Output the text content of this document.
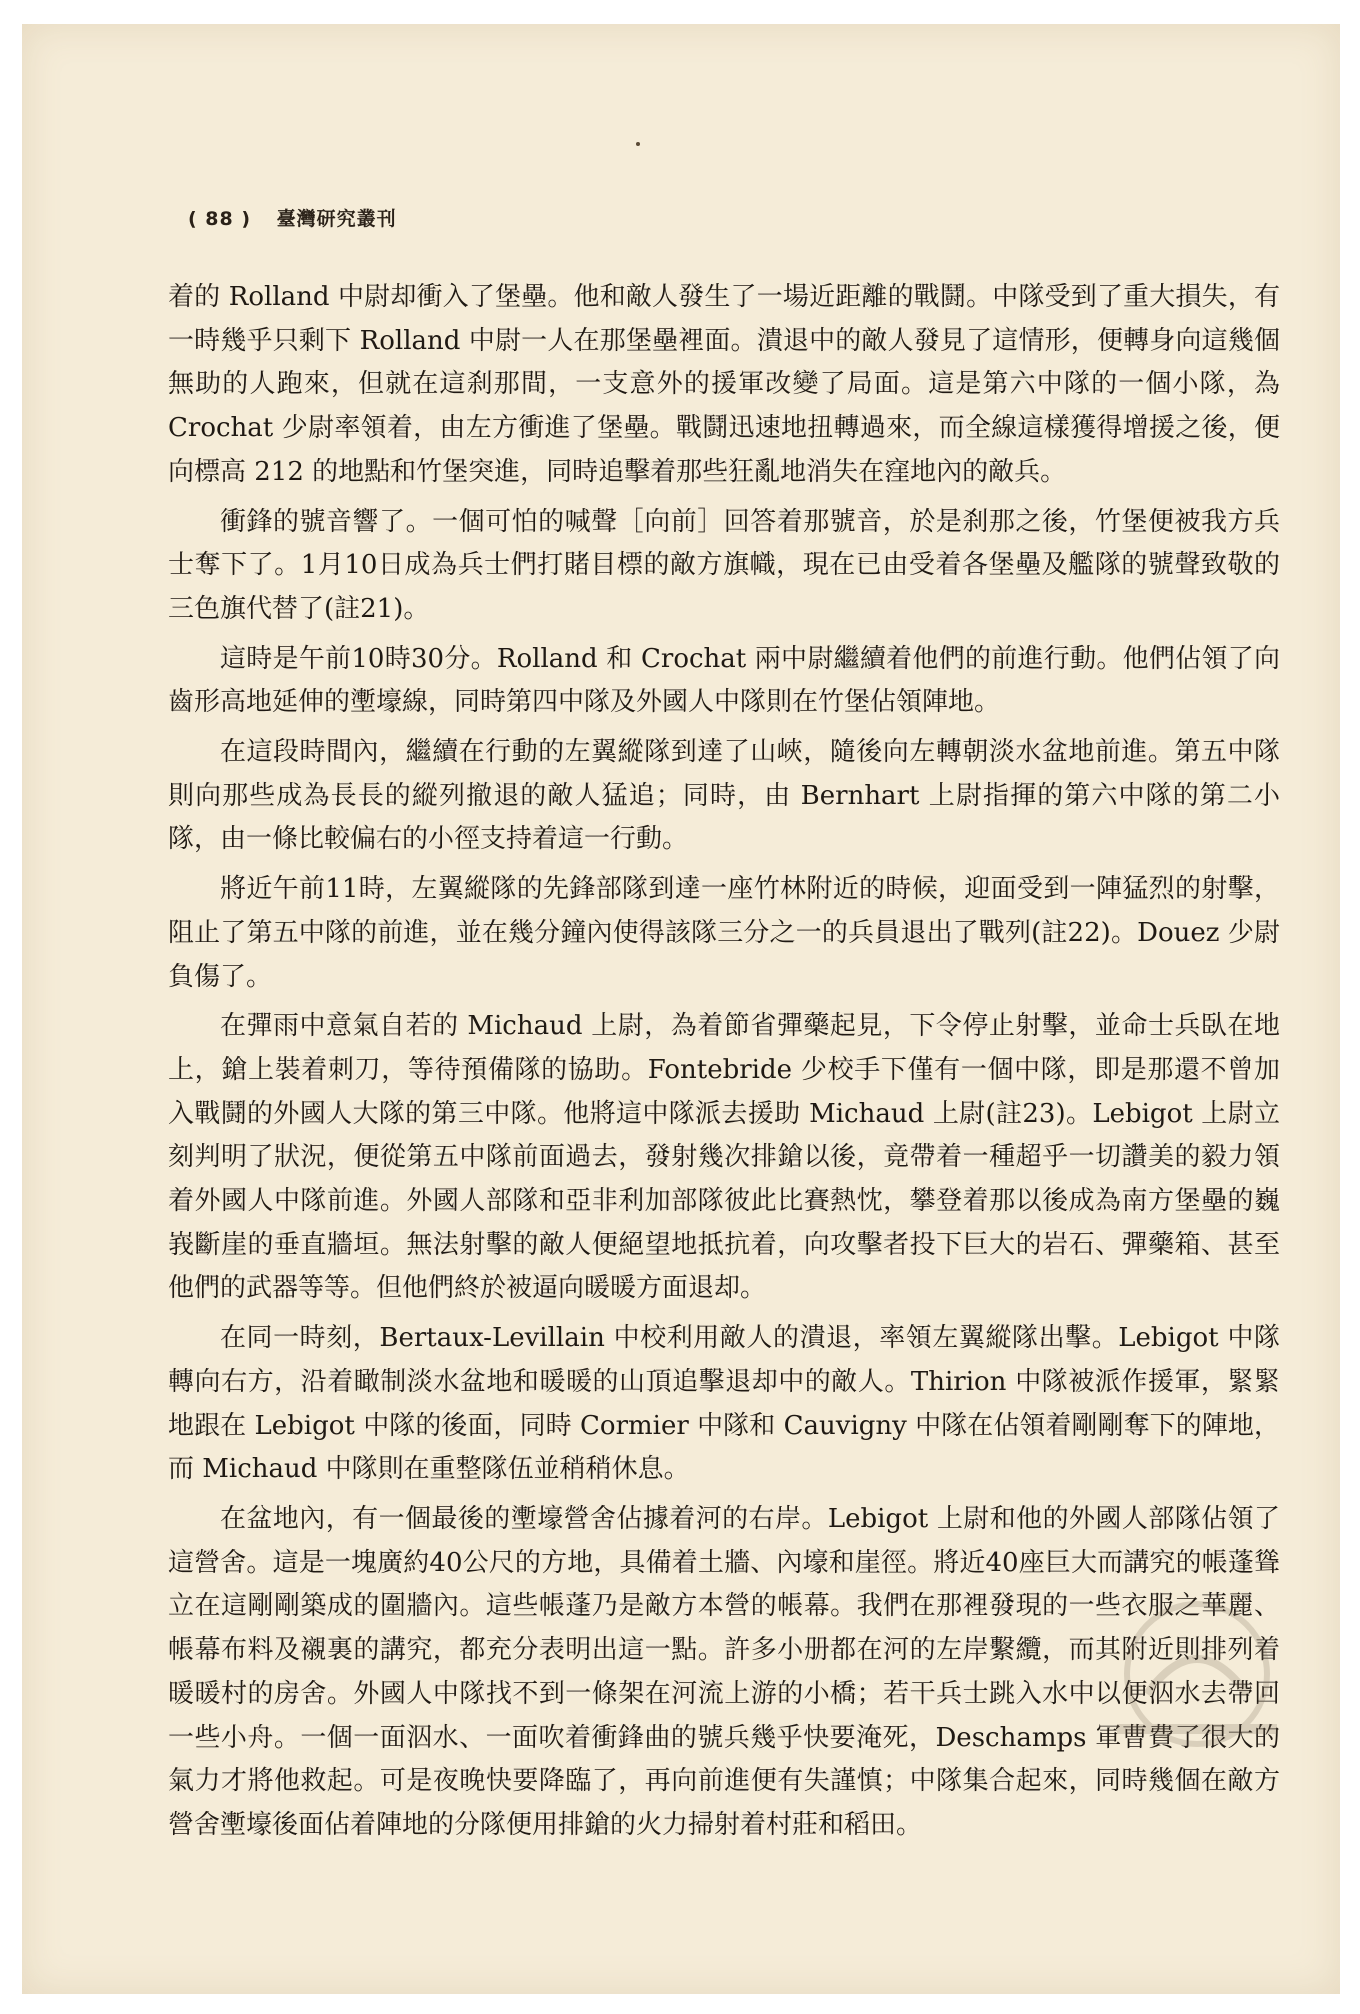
( 88 ) 臺灣研究叢刊

着的 Rolland 中尉却衝入了堡壘。他和敵人發生了一場近距離的戰鬪。中隊受到了重大損失，有一時幾乎只剩下 Rolland 中尉一人在那堡壘裡面。潰退中的敵人發見了這情形，便轉身向這幾個無助的人跑來，但就在這刹那間，一支意外的援軍改變了局面。這是第六中隊的一個小隊，為 Crochat 少尉率領着，由左方衝進了堡壘。戰鬪迅速地扭轉過來，而全線這樣獲得增援之後，便向標高 212 的地點和竹堡突進，同時追擊着那些狂亂地消失在窪地內的敵兵。

衝鋒的號音響了。一個可怕的喊聲［向前］回答着那號音，於是刹那之後，竹堡便被我方兵士奪下了。1月10日成為兵士們打賭目標的敵方旗幟，現在已由受着各堡壘及艦隊的號聲致敬的三色旗代替了(註21)。

這時是午前10時30分。Rolland 和 Crochat 兩中尉繼續着他們的前進行動。他們佔領了向齒形高地延伸的壍壕線，同時第四中隊及外國人中隊則在竹堡佔領陣地。

在這段時間內，繼續在行動的左翼縱隊到達了山峽，隨後向左轉朝淡水盆地前進。第五中隊則向那些成為長長的縱列撤退的敵人猛追；同時，由 Bernhart 上尉指揮的第六中隊的第二小隊，由一條比較偏右的小徑支持着這一行動。

將近午前11時，左翼縱隊的先鋒部隊到達一座竹林附近的時候，迎面受到一陣猛烈的射擊，阻止了第五中隊的前進，並在幾分鐘內使得該隊三分之一的兵員退出了戰列(註22)。Douez 少尉負傷了。

在彈雨中意氣自若的 Michaud 上尉，為着節省彈藥起見，下令停止射擊，並命士兵臥在地上，鎗上裝着刺刀，等待預備隊的協助。Fontebride 少校手下僅有一個中隊，即是那還不曾加入戰鬪的外國人大隊的第三中隊。他將這中隊派去援助 Michaud 上尉(註23)。Lebigot 上尉立刻判明了狀況，便從第五中隊前面過去，發射幾次排鎗以後，竟帶着一種超乎一切讚美的毅力領着外國人中隊前進。外國人部隊和亞非利加部隊彼此比賽熱忱，攀登着那以後成為南方堡壘的巍峩斷崖的垂直牆垣。無法射擊的敵人便絕望地抵抗着，向攻擊者投下巨大的岩石、彈藥箱、甚至他們的武器等等。但他們終於被逼向暖暖方面退却。

在同一時刻，Bertaux-Levillain 中校利用敵人的潰退，率領左翼縱隊出擊。Lebigot 中隊轉向右方，沿着瞰制淡水盆地和暖暖的山頂追擊退却中的敵人。Thirion 中隊被派作援軍，緊緊地跟在 Lebigot 中隊的後面，同時 Cormier 中隊和 Cauvigny 中隊在佔領着剛剛奪下的陣地，而 Michaud 中隊則在重整隊伍並稍稍休息。

在盆地內，有一個最後的壍壕營舍佔據着河的右岸。Lebigot 上尉和他的外國人部隊佔領了這營舍。這是一塊廣約40公尺的方地，具備着土牆、內壕和崖徑。將近40座巨大而講究的帳蓬聳立在這剛剛築成的圍牆內。這些帳蓬乃是敵方本營的帳幕。我們在那裡發現的一些衣服之華麗、帳幕布料及襯裏的講究，都充分表明出這一點。許多小册都在河的左岸繫纜，而其附近則排列着暖暖村的房舍。外國人中隊找不到一條架在河流上游的小橋；若干兵士跳入水中以便泅水去帶回一些小舟。一個一面泅水、一面吹着衝鋒曲的號兵幾乎快要淹死，Deschamps 軍曹費了很大的氣力才將他救起。可是夜晚快要降臨了，再向前進便有失謹慎；中隊集合起來，同時幾個在敵方營舍壍壕後面佔着陣地的分隊便用排鎗的火力掃射着村莊和稻田。
